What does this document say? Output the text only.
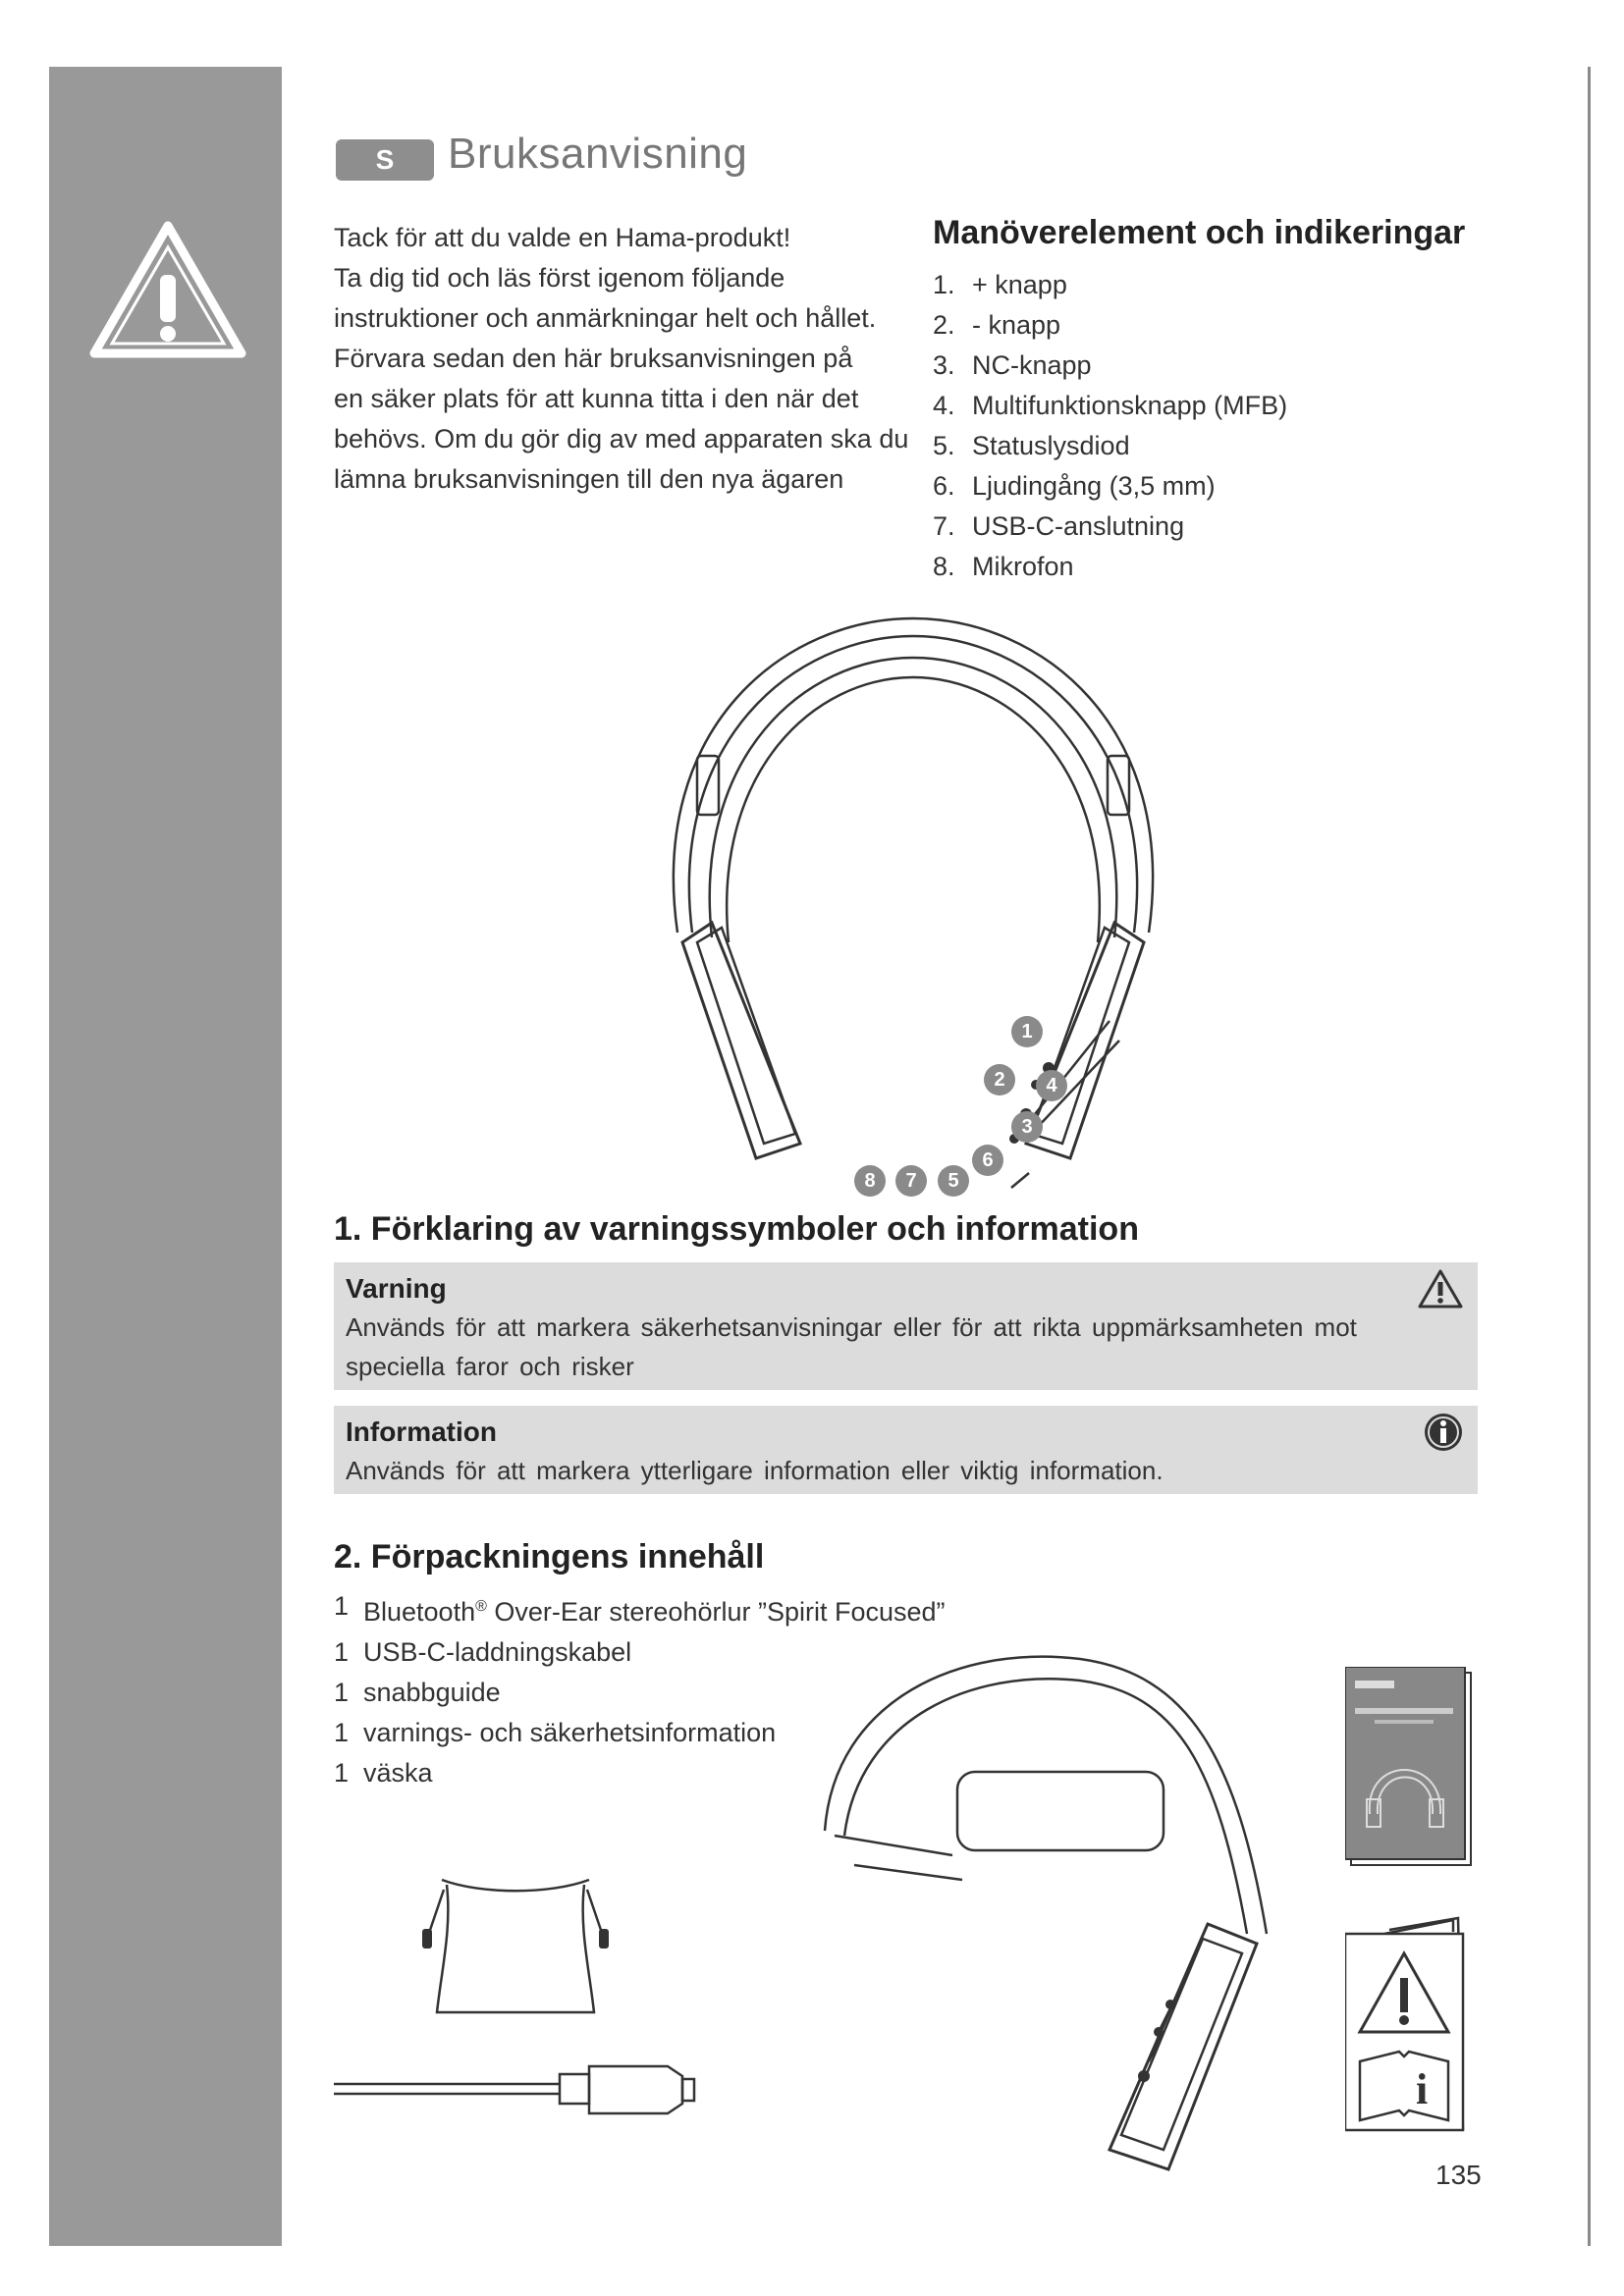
S	Bruksanvisning

Tack för att du valde en Hama-produkt!

Ta dig tid och läs först igenom följande

instruktioner och anmärkningar helt och hållet.

Förvara sedan den här bruksanvisningen på

en säker plats för att kunna titta i den när det

behövs. Om du gör dig av med apparaten ska du

lämna bruksanvisningen till den nya ägaren

Manöverelement och indikeringar
1. + knapp
2. - knapp
3. NC-knapp
4. Multifunktionsknapp (MFB)
5. Statuslysdiod
6. Ljudingång (3,5 mm)
7. USB-C-anslutning
8. Mikrofon
1
2
3
4
5
6
7
8
1. Förklaring av varningssymboler och information
Varning
Används för att markera säkerhetsanvisningar eller för att rikta uppmärksamheten mot speciella faror och risker
Information
Används för att markera ytterligare information eller viktig information.
2. Förpackningens innehåll
1 Bluetooth® Over-Ear stereohörlur ”Spirit Focused”
1 USB-C-laddningskabel
1 snabbguide
1 varnings- och säkerhetsinformation
1 väska
i
135
